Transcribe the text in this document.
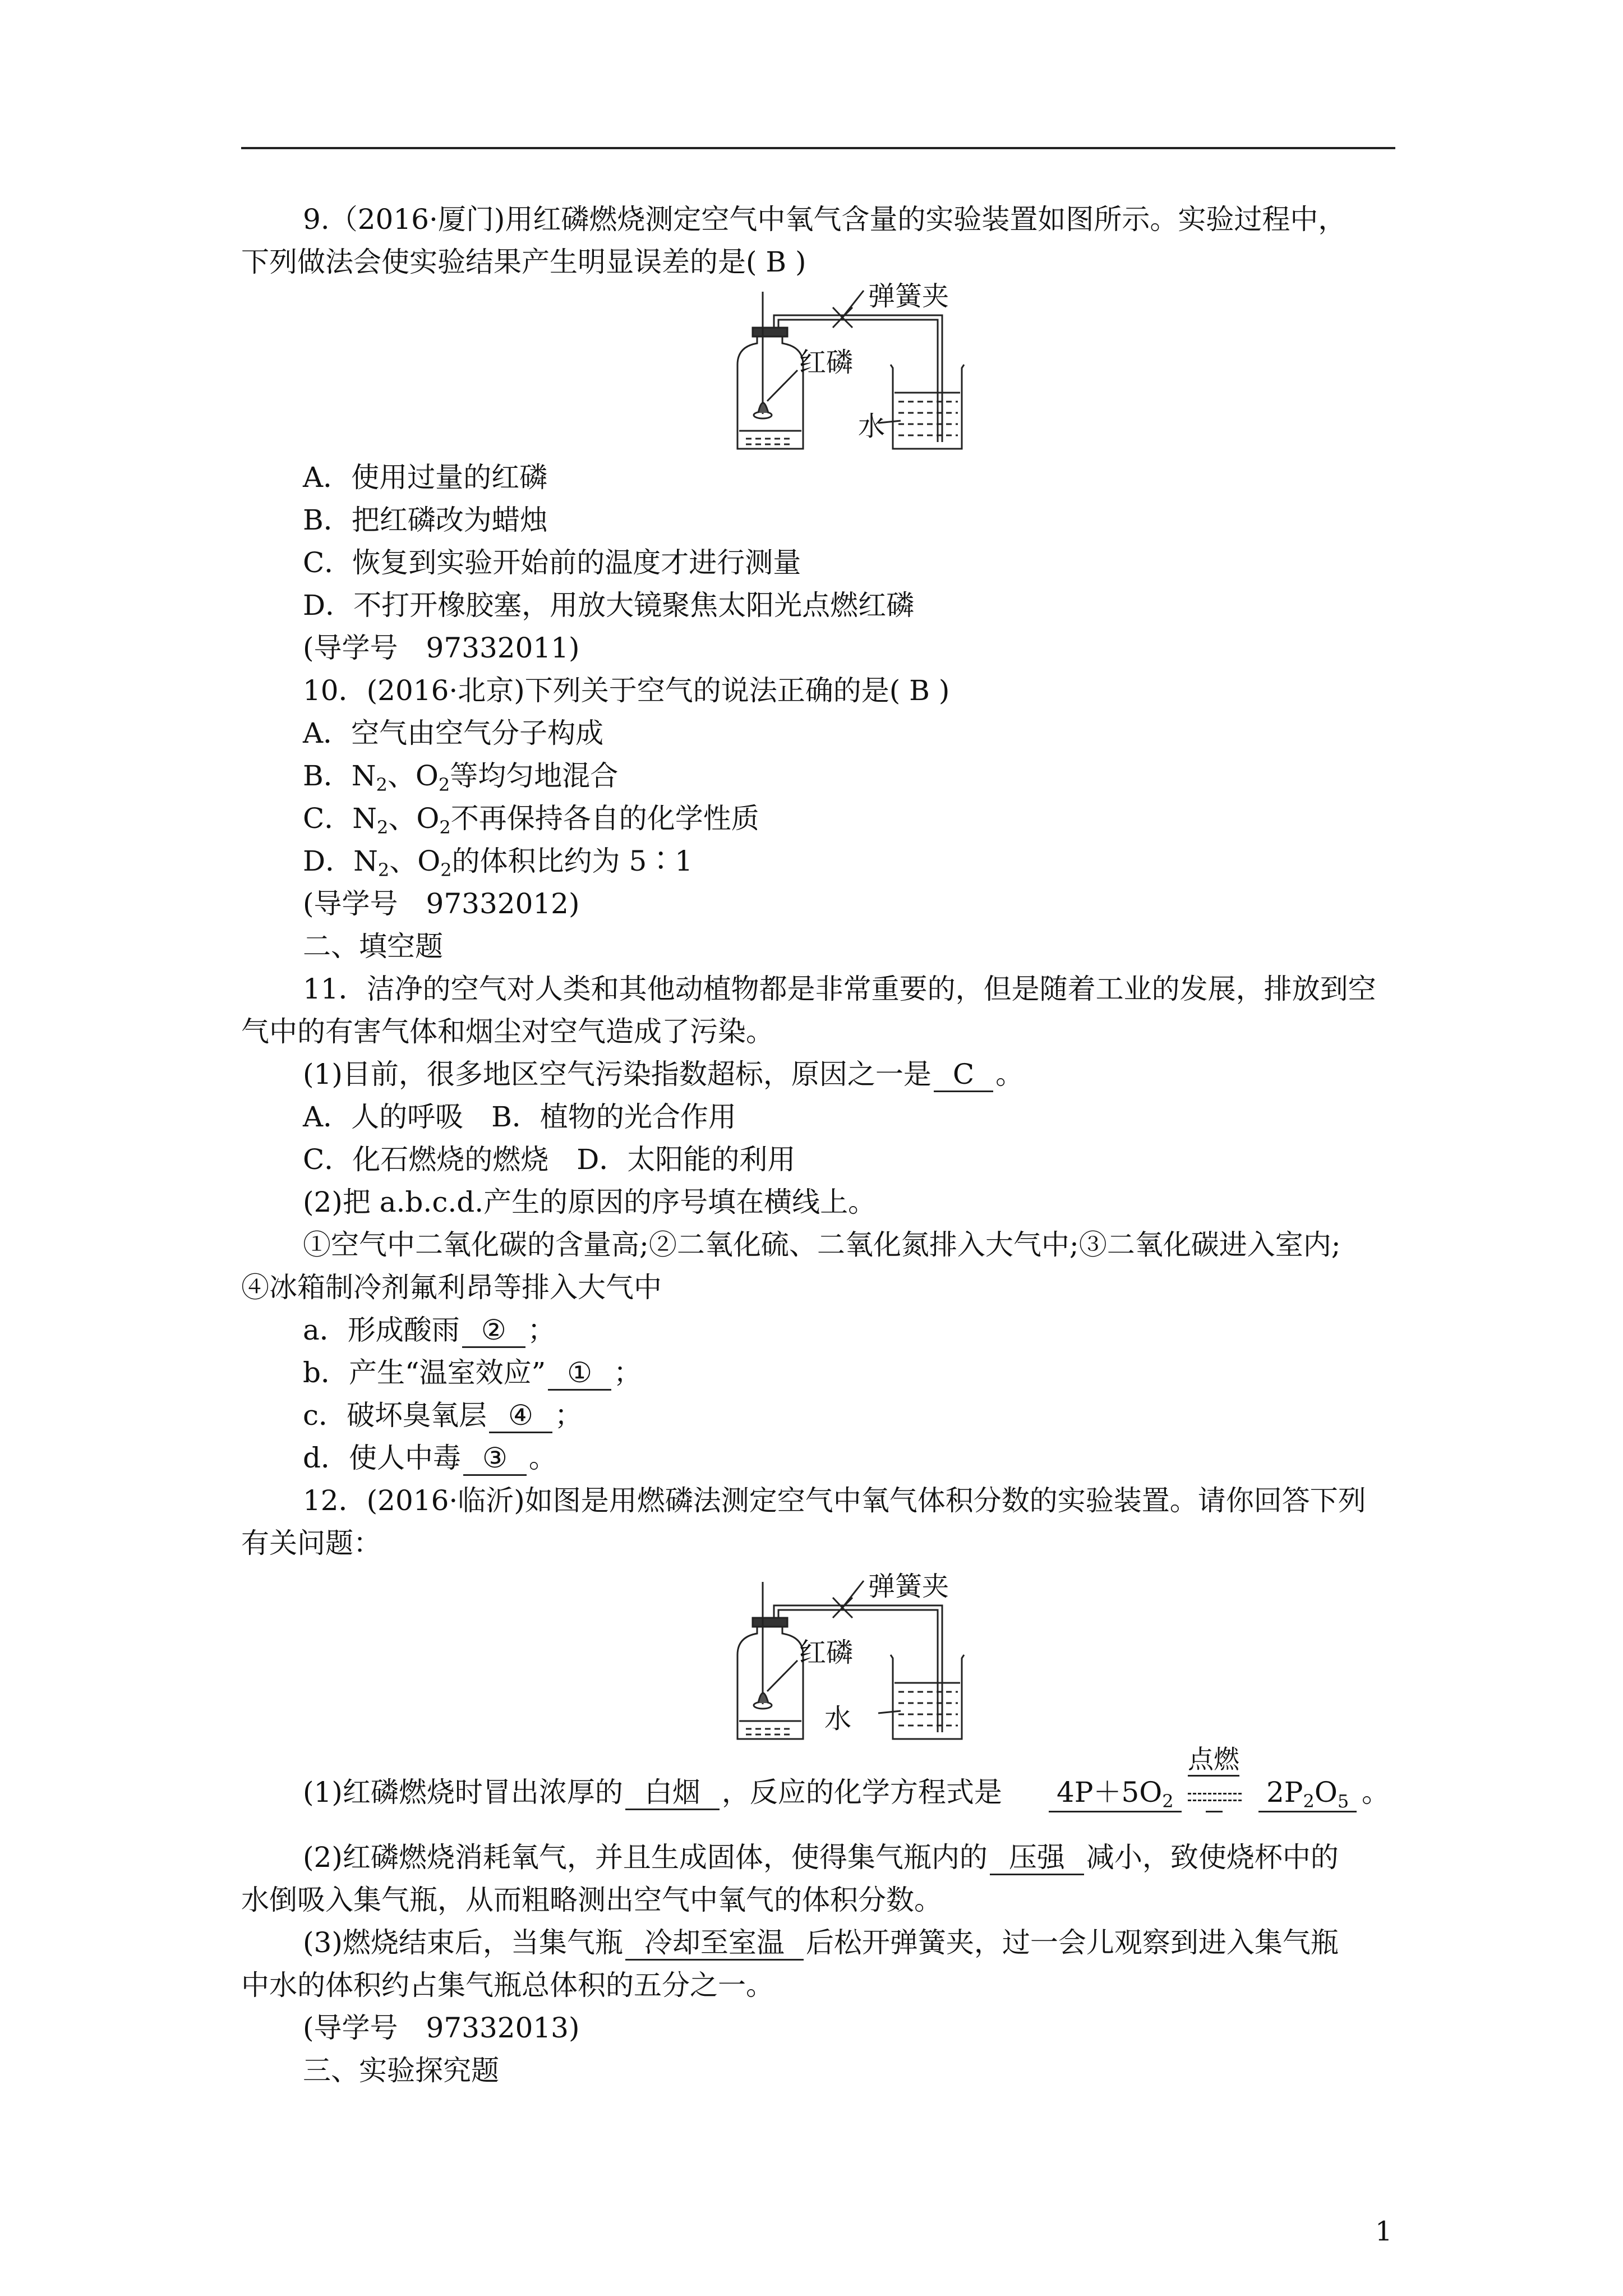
9.（2016·厦门)用红磷燃烧测定空气中氧气含量的实验装置如图所示。实验过程中，
下列做法会使实验结果产生明显误差的是( B )
弹簧夹
红磷
水
A．使用过量的红磷
B．把红磷改为蜡烛
C．恢复到实验开始前的温度才进行测量
D．不打开橡胶塞，用放大镜聚焦太阳光点燃红磷
(导学号　97332011)
10．(2016·北京)下列关于空气的说法正确的是( B )
A．空气由空气分子构成
B．$N_2$、$O_2$等均匀地混合
C．$N_2$、$O_2$不再保持各自的化学性质
D．$N_2$、$O_2$的体积比约为 5∶1
(导学号　97332012)
二、填空题
11．洁净的空气对人类和其他动植物都是非常重要的，但是随着工业的发展，排放到空
气中的有害气体和烟尘对空气造成了污染。
(1)目前，很多地区空气污染指数超标，原因之一是 C 。
A．人的呼吸　B．植物的光合作用
C．化石燃烧的燃烧　D．太阳能的利用
(2)把 a.b.c.d.产生的原因的序号填在横线上。
①空气中二氧化碳的含量高;②二氧化硫、二氧化氮排入大气中;③二氧化碳进入室内;
④冰箱制冷剂氟利昂等排入大气中
a．形成酸雨 ② ；
b．产生“温室效应” ① ；
c．破坏臭氧层 ④ ；
d．使人中毒 ③ 。
12．(2016·临沂)如图是用燃磷法测定空气中氧气体积分数的实验装置。请你回答下列
有关问题：
弹簧夹
红磷
水
(1)红磷燃烧时冒出浓厚的 白烟 ，反应的化学方程式是 $4P+5O_2$
点燃
$2P_2O_5$ 。
(2)红磷燃烧消耗氧气，并且生成固体，使得集气瓶内的 压强 减小，致使烧杯中的
水倒吸入集气瓶，从而粗略测出空气中氧气的体积分数。
(3)燃烧结束后，当集气瓶 冷却至室温 后松开弹簧夹，过一会儿观察到进入集气瓶
中水的体积约占集气瓶总体积的五分之一。
(导学号　97332013)
三、实验探究题
1
